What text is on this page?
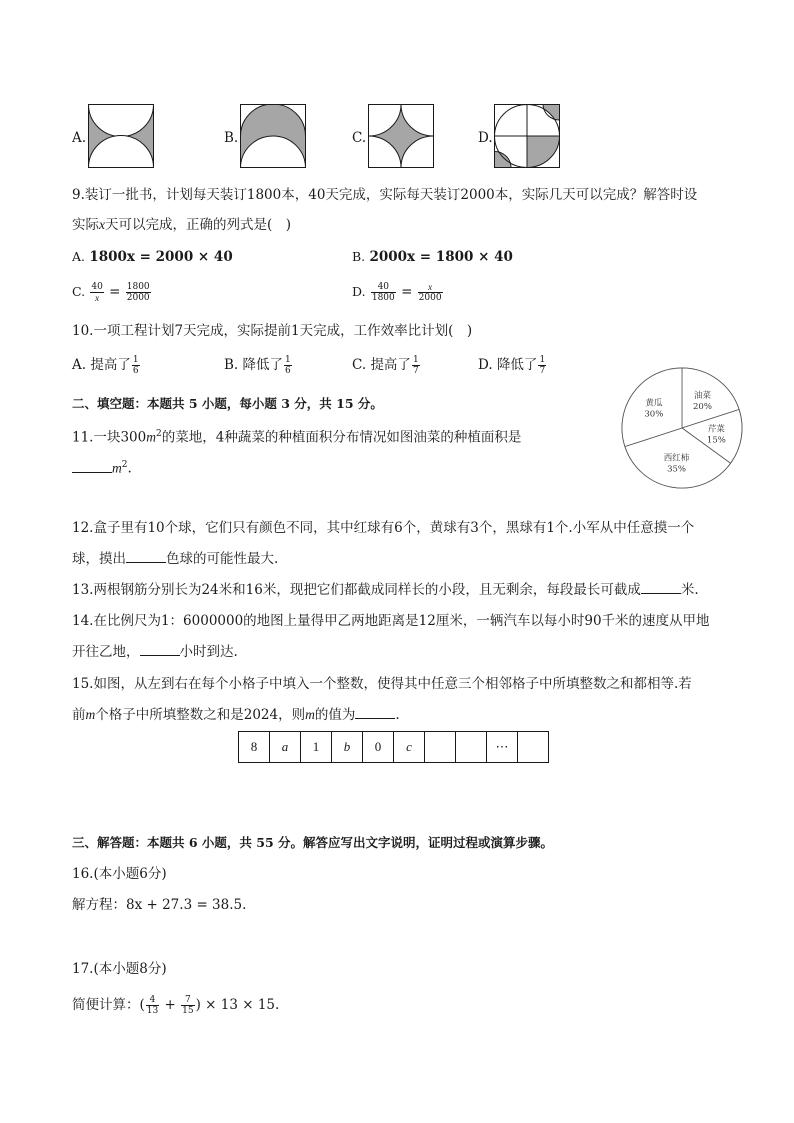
A.	B.	C.	D.
9.装订一批书，计划每天装订1800本，40天完成，实际每天装订2000本，实际几天可以完成？解答时设
实际x天可以完成，正确的列式是(　)
A. 1800x = 2000 × 40	B. 2000x = 1800 × 40
C. $\frac{40}{x} = \frac{1800}{2000}$	D. $\frac{40}{1800} = \frac{x}{2000}$
10.一项工程计划7天完成，实际提前1天完成，工作效率比计划(　)
A. 提高了 $\frac{1}{6}$	B. 降低了 $\frac{1}{6}$	C. 提高了 $\frac{1}{7}$	D. 降低了 $\frac{1}{7}$
二、填空题：本题共 5 小题，每小题 3 分，共 15 分。
11.一块$300m^2$的菜地，4种蔬菜的种植面积分布情况如图油菜的种植面积是
$m^2$.
油菜
20%
芹菜
15%
西红柿
35%
黄瓜
30%
12.盒子里有10个球，它们只有颜色不同，其中红球有6个，黄球有3个，黑球有1个.小军从中任意摸一个
球，摸出	色球的可能性最大.
13.两根钢筋分别长为24米和16米，现把它们都截成同样长的小段，且无剩余，每段最长可截成	米.
14.在比例尺为1：6000000的地图上量得甲乙两地距离是12厘米，一辆汽车以每小时90千米的速度从甲地
开往乙地，	小时到达.
15.如图，从左到右在每个小格子中填入一个整数，使得其中任意三个相邻格子中所填整数之和都相等.若
前m个格子中所填整数之和是2024，则m的值为	.
8	a	1	b	0	c	⋯
三、解答题：本题共 6 小题，共 55 分。解答应写出文字说明，证明过程或演算步骤。
16.(本小题6分)
解方程：8x + 27.3 = 38.5.
17.(本小题8分)
简便计算：( $\frac{4}{13} + \frac{7}{15}$ ) × 13 × 15.
